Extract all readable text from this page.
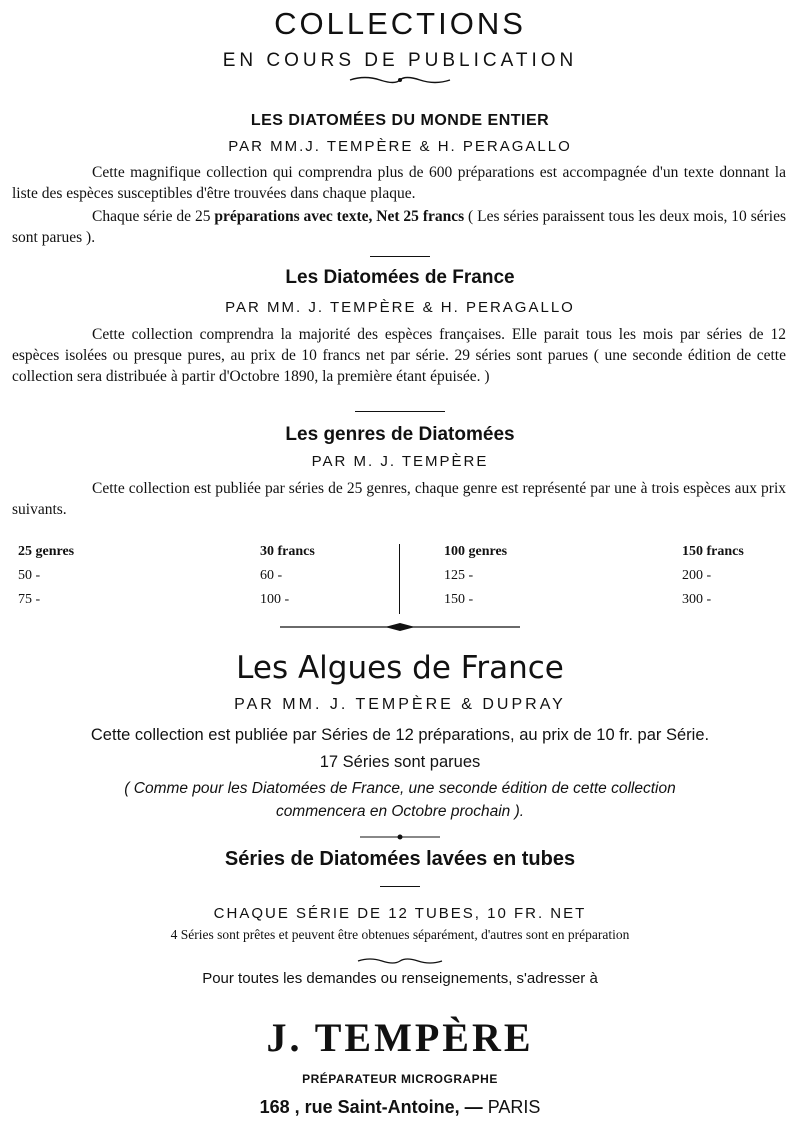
COLLECTIONS
EN COURS DE PUBLICATION
LES DIATOMÉES DU MONDE ENTIER
PAR MM.J. TEMPÈRE & H. PERAGALLO
Cette magnifique collection qui comprendra plus de 600 préparations est accompagnée d'un texte donnant la liste des espèces susceptibles d'être trouvées dans chaque plaque.
Chaque série de 25 préparations avec texte, Net 25 francs ( Les séries paraissent tous les deux mois, 10 séries sont parues ).
Les Diatomées de France
PAR MM. J. TEMPÈRE & H. PERAGALLO
Cette collection comprendra la majorité des espèces françaises. Elle parait tous les mois par séries de 12 espèces isolées ou presque pures, au prix de 10 francs net par série. 29 séries sont parues ( une seconde édition de cette collection sera distribuée à partir d'Octobre 1890, la première étant épuisée. )
Les genres de Diatomées
PAR M. J. TEMPÈRE
Cette collection est publiée par séries de 25 genres, chaque genre est représenté par une à trois espèces aux prix suivants.
25 genres
50 -
75 -
30 francs
60 -
100 -
100 genres
125 -
150 -
150 francs
200 -
300 -
Les Algues de France
PAR MM. J. TEMPÈRE & DUPRAY
Cette collection est publiée par Séries de 12 préparations, au prix de 10 fr. par Série.
17 Séries sont parues
( Comme pour les Diatomées de France, une seconde édition de cette collection
commencera en Octobre prochain ).
Séries de Diatomées lavées en tubes
CHAQUE SÉRIE DE 12 TUBES, 10 FR. NET
4 Séries sont prêtes et peuvent être obtenues séparément, d'autres sont en préparation
Pour toutes les demandes ou renseignements, s'adresser à
J. TEMPÈRE
PRÉPARATEUR MICROGRAPHE
168 , rue Saint-Antoine, — PARIS
